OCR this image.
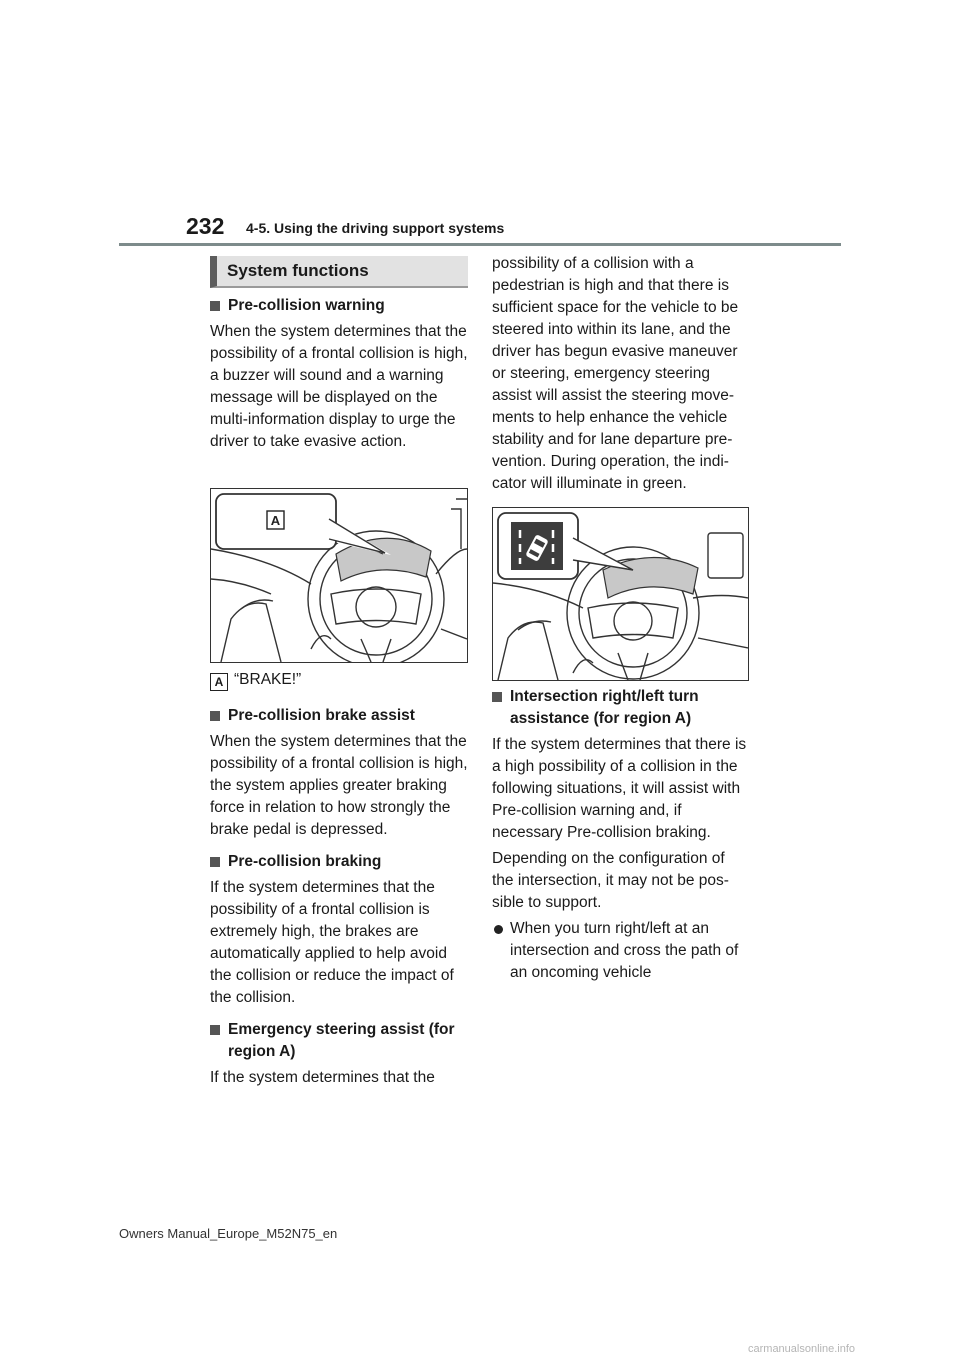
232 4-5. Using the driving support systems
System functions
Pre-collision warning

When the system determines that the possibility of a frontal collision is high, a buzzer will sound and a warning message will be displayed on the multi-information display to urge the driver to take evasive action.

A

A “BRAKE!”

Pre-collision brake assist

When the system determines that the possibility of a frontal collision is high, the system applies greater braking force in relation to how strongly the brake pedal is depressed.

Pre-collision braking

If the system determines that the possibility of a frontal collision is extremely high, the brakes are automatically applied to help avoid the collision or reduce the impact of the collision.

Emergency steering assist (for region A)

If the system determines that the

possibility of a collision with a pedestrian is high and that there is sufficient space for the vehicle to be steered into within its lane, and the driver has begun evasive maneuver or steering, emergency steering assist will assist the steering move-ments to help enhance the vehicle stability and for lane departure pre-vention. During operation, the indi-cator will illuminate in green.

Intersection right/left turn assistance (for region A)

If the system determines that there is a high possibility of a collision in the following situations, it will assist with Pre-collision warning and, if necessary Pre-collision braking.

Depending on the configuration of the intersection, it may not be pos-sible to support.

When you turn right/left at an intersection and cross the path of an oncoming vehicle
Owners Manual_Europe_M52N75_en
carmanualsonline.info
